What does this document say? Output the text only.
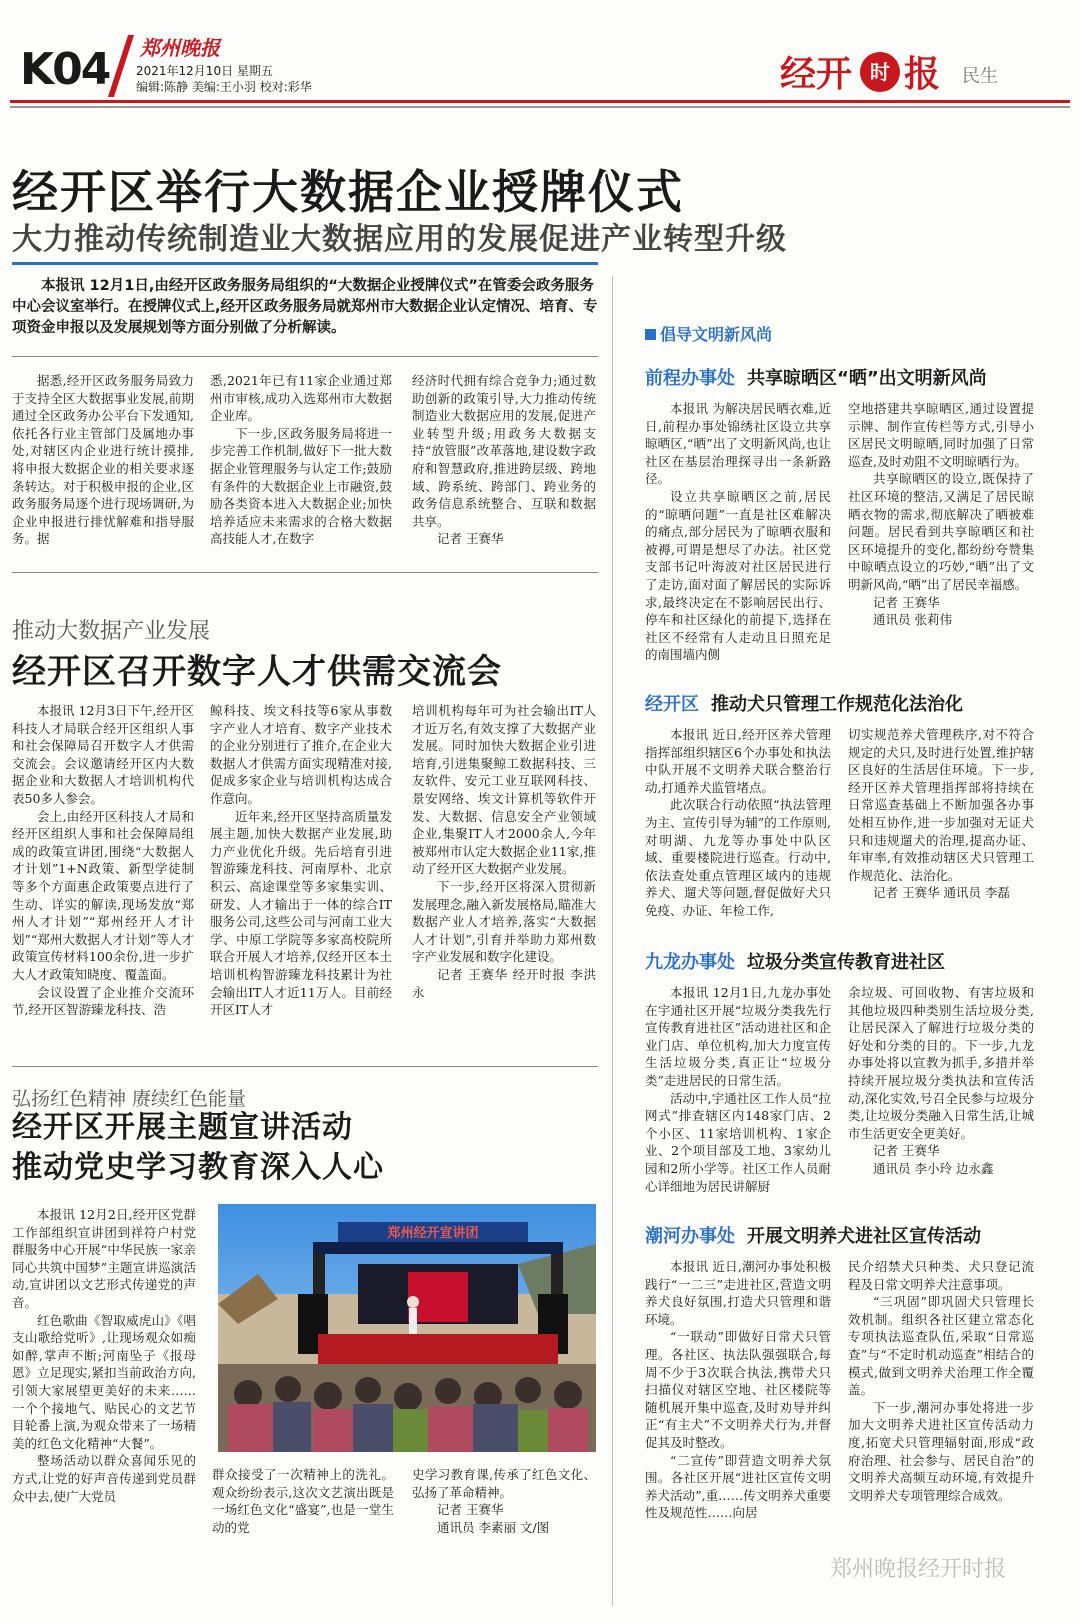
K04 郑州晚报
2021年12月10日 星期五
编辑:陈静 美编:王小羽 校对:彩华	经开 时 报 民生
经开区举行大数据企业授牌仪式
大力推动传统制造业大数据应用的发展促进产业转型升级
本报讯 12月1日,由经开区政务服务局组织的“大数据企业授牌仪式”在管委会政务服务中心会议室举行。在授牌仪式上,经开区政务服务局就郑州市大数据企业认定情况、培育、专项资金申报以及发展规划等方面分别做了分析解读。

据悉,经开区政务服务局致力于支持全区大数据事业发展,前期通过全区政务办公平台下发通知,依托各行业主管部门及属地办事处,对辖区内企业进行统计摸排,将申报大数据企业的相关要求逐条转达。对于积极申报的企业,区政务服务局逐个进行现场调研,为企业申报进行排忧解难和指导服务。据

悉,2021年已有11家企业通过郑州市审核,成功入选郑州市大数据企业库。

下一步,区政务服务局将进一步完善工作机制,做好下一批大数据企业管理服务与认定工作;鼓励有条件的大数据企业上市融资,鼓励各类资本进入大数据企业;加快培养适应未来需求的合格大数据高技能人才,在数字

经济时代拥有综合竞争力;通过数助创新的政策引导,大力推动传统制造业大数据应用的发展,促进产业转型升级;用政务大数据支持“放管服”改革落地,建设数字政府和智慧政府,推进跨层级、跨地域、跨系统、跨部门、跨业务的政务信息系统整合、互联和数据共享。

记者 王赛华

推动大数据产业发展
经开区召开数字人才供需交流会

本报讯 12月3日下午,经开区科技人才局联合经开区组织人事和社会保障局召开数字人才供需交流会。会议邀请经开区内大数据企业和大数据人才培训机构代表50多人参会。

会上,由经开区科技人才局和经开区组织人事和社会保障局组成的政策宣讲团,围绕“大数据人才计划”1+N政策、新型学徒制等多个方面惠企政策要点进行了生动、详实的解读,现场发放“郑州人才计划”“郑州经开人才计划”“郑州大数据人才计划”等人才政策宣传材料100余份,进一步扩大人才政策知晓度、覆盖面。

会议设置了企业推介交流环节,经开区智游臻龙科技、浩

鲸科技、埃文科技等6家从事数字产业人才培育、数字产业技术的企业分别进行了推介,在企业大数据人才供需方面实现精准对接,促成多家企业与培训机构达成合作意向。

近年来,经开区坚持高质量发展主题,加快大数据产业发展,助力产业优化升级。先后培育引进智游臻龙科技、河南厚朴、北京积云、高途课堂等多家集实训、研发、人才输出于一体的综合IT服务公司,这些公司与河南工业大学、中原工学院等多家高校院所联合开展人才培养,仅经开区本土培训机构智游臻龙科技累计为社会输出IT人才近11万人。目前经开区IT人才

培训机构每年可为社会输出IT人才近万名,有效支撑了大数据产业发展。同时加快大数据企业引进培育,引进集聚鲸工数据科技、三友软件、安元工业互联网科技、景安网络、埃文计算机等软件开发、大数据、信息安全产业领域企业,集聚IT人才2000余人,今年被郑州市认定大数据企业11家,推动了经开区大数据产业发展。

下一步,经开区将深入贯彻新发展理念,融入新发展格局,瞄准大数据产业人才培养,落实“大数据人才计划”,引育并举助力郑州数字产业发展和数字化建设。

记者 王赛华 经开时报 李洪永

弘扬红色精神 赓续红色能量
经开区开展主题宣讲活动
推动党史学习教育深入人心

本报讯 12月2日,经开区党群工作部组织宣讲团到祥符户村党群服务中心开展“中华民族一家亲 同心共筑中国梦”主题宣讲巡演活动,宣讲团以文艺形式传递党的声音。

红色歌曲《智取威虎山》《唱支山歌给党听》,让现场观众如痴如醉,掌声不断;河南坠子《报母恩》立足现实,紧扣当前政治方向,引领大家展望更美好的未来……一个个接地气、贴民心的文艺节目轮番上演,为观众带来了一场精美的红色文化精神“大餐”。

整场活动以群众喜闻乐见的方式,让党的好声音传递到党员群众中去,使广大党员

郑州经开宣讲团

群众接受了一次精神上的洗礼。观众纷纷表示,这次文艺演出既是一场红色文化“盛宴”,也是一堂生动的党

史学习教育课,传承了红色文化、弘扬了革命精神。

记者 王赛华

通讯员 李素丽 文/图

倡导文明新风尚
前程办事处 共享晾晒区“晒”出文明新风尚

本报讯 为解决居民晒衣难,近日,前程办事处锦绣社区设立共享晾晒区,“晒”出了文明新风尚,也让社区在基层治理探寻出一条新路径。

设立共享晾晒区之前,居民的“晾晒问题”一直是社区难解决的痛点,部分居民为了晾晒衣服和被褥,可谓是想尽了办法。社区党支部书记叶海波对社区居民进行了走访,面对面了解居民的实际诉求,最终决定在不影响居民出行、停车和社区绿化的前提下,选择在社区不经常有人走动且日照充足的南围墙内侧

空地搭建共享晾晒区,通过设置提示牌、制作宣传栏等方式,引导小区居民文明晾晒,同时加强了日常巡查,及时劝阻不文明晾晒行为。

共享晾晒区的设立,既保持了社区环境的整洁,又满足了居民晾晒衣物的需求,彻底解决了晒被难问题。居民看到共享晾晒区和社区环境提升的变化,都纷纷夸赞集中晾晒点设立的巧妙,“晒”出了文明新风尚,“晒”出了居民幸福感。

记者 王赛华

通讯员 张莉伟

经开区 推动犬只管理工作规范化法治化

本报讯 近日,经开区养犬管理指挥部组织辖区6个办事处和执法中队开展不文明养犬联合整治行动,打通养犬监管堵点。

此次联合行动依照“执法管理为主、宣传引导为辅”的工作原则,对明湖、九龙等办事处中队区域、重要楼院进行巡查。行动中,依法查处重点管理区域内的违规养犬、遛犬等问题,督促做好犬只免疫、办证、年检工作,

切实规范养犬管理秩序,对不符合规定的犬只,及时进行处置,维护辖区良好的生活居住环境。下一步,经开区养犬管理指挥部将持续在日常巡查基础上不断加强各办事处相互协作,进一步加强对无证犬只和违规遛犬的治理,提高办证、年审率,有效推动辖区犬只管理工作规范化、法治化。

记者 王赛华 通讯员 李磊

九龙办事处 垃圾分类宣传教育进社区

本报讯 12月1日,九龙办事处在宇通社区开展“垃圾分类我先行 宣传教育进社区”活动进社区和企业门店、单位机构,加大力度宣传生活垃圾分类,真正让“垃圾分类”走进居民的日常生活。

活动中,宇通社区工作人员“拉网式”排查辖区内148家门店、2个小区、11家培训机构、1家企业、2个项目部及工地、3家幼儿园和2所小学等。社区工作人员耐心详细地为居民讲解厨

余垃圾、可回收物、有害垃圾和其他垃圾四种类别生活垃圾分类,让居民深入了解进行垃圾分类的好处和分类的目的。下一步,九龙办事处将以宣教为抓手,多措并举持续开展垃圾分类执法和宣传活动,深化实效,号召全民参与垃圾分类,让垃圾分类融入日常生活,让城市生活更安全更美好。

记者 王赛华

通讯员 李小玲 边永鑫

潮河办事处 开展文明养犬进社区宣传活动

本报讯 近日,潮河办事处积极践行“一二三”走进社区,营造文明养犬良好氛围,打造犬只管理和谐环境。

“一联动”即做好日常犬只管理。各社区、执法队强强联合,每周不少于3次联合执法,携带犬只扫描仪对辖区空地、社区楼院等随机展开集中巡查,及时劝导并纠正“有主犬”不文明养犬行为,并督促其及时整改。

“二宣传”即营造文明养犬氛围。各社区开展“进社区宣传文明养犬活动”,重……传文明养犬重要性及规范性……向居

民介绍禁犬只种类、犬只登记流程及日常文明养犬注意事项。

“三巩固”即巩固犬只管理长效机制。组织各社区建立常态化专项执法巡查队伍,采取“日常巡查”与“不定时机动巡查”相结合的模式,做到文明养犬治理工作全覆盖。

下一步,潮河办事处将进一步加大文明养犬进社区宣传活动力度,拓宽犬只管理辐射面,形成“政府治理、社会参与、居民自治”的文明养犬高频互动环境,有效提升文明养犬专项管理综合成效。

郑州晚报经开时报
